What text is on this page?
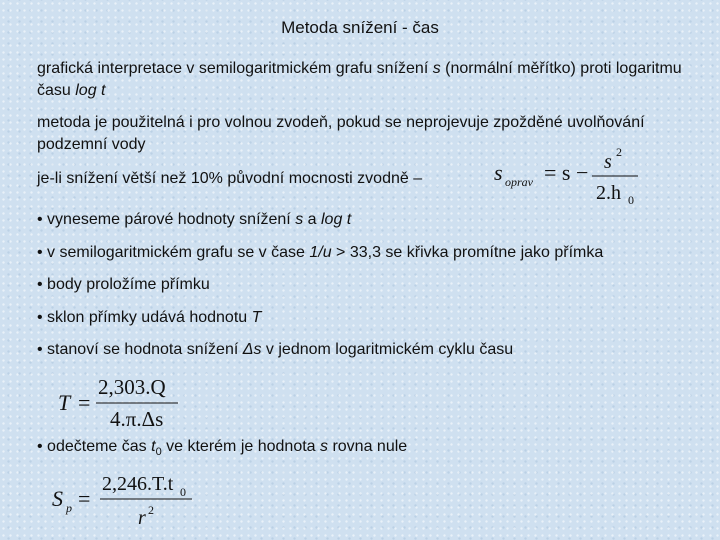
Metoda snížení - čas
grafická interpretace v semilogaritmickém grafu snížení s (normální měřítko) proti logaritmu času log t
metoda je použitelná i pro volnou zvodeň, pokud se neprojevuje zpožděné uvolňování podzemní vody
je-li snížení větší než 10% původní mocnosti zvodně –	s oprav = s − s 2
2.h 0
• vyneseme párové hodnoty snížení s a log t
• v semilogaritmickém grafu se v čase 1/u > 33,3 se křivka promítne jako přímka
• body proložíme přímku
• sklon přímky udává hodnotu T
• stanoví se hodnota snížení Δs v jednom logaritmickém cyklu času
T =
2,303.Q
4.π.Δs
• odečteme čas $t_0$ ve kterém je hodnota s rovna nule
S p =
2,246.T.t 0
r 2
